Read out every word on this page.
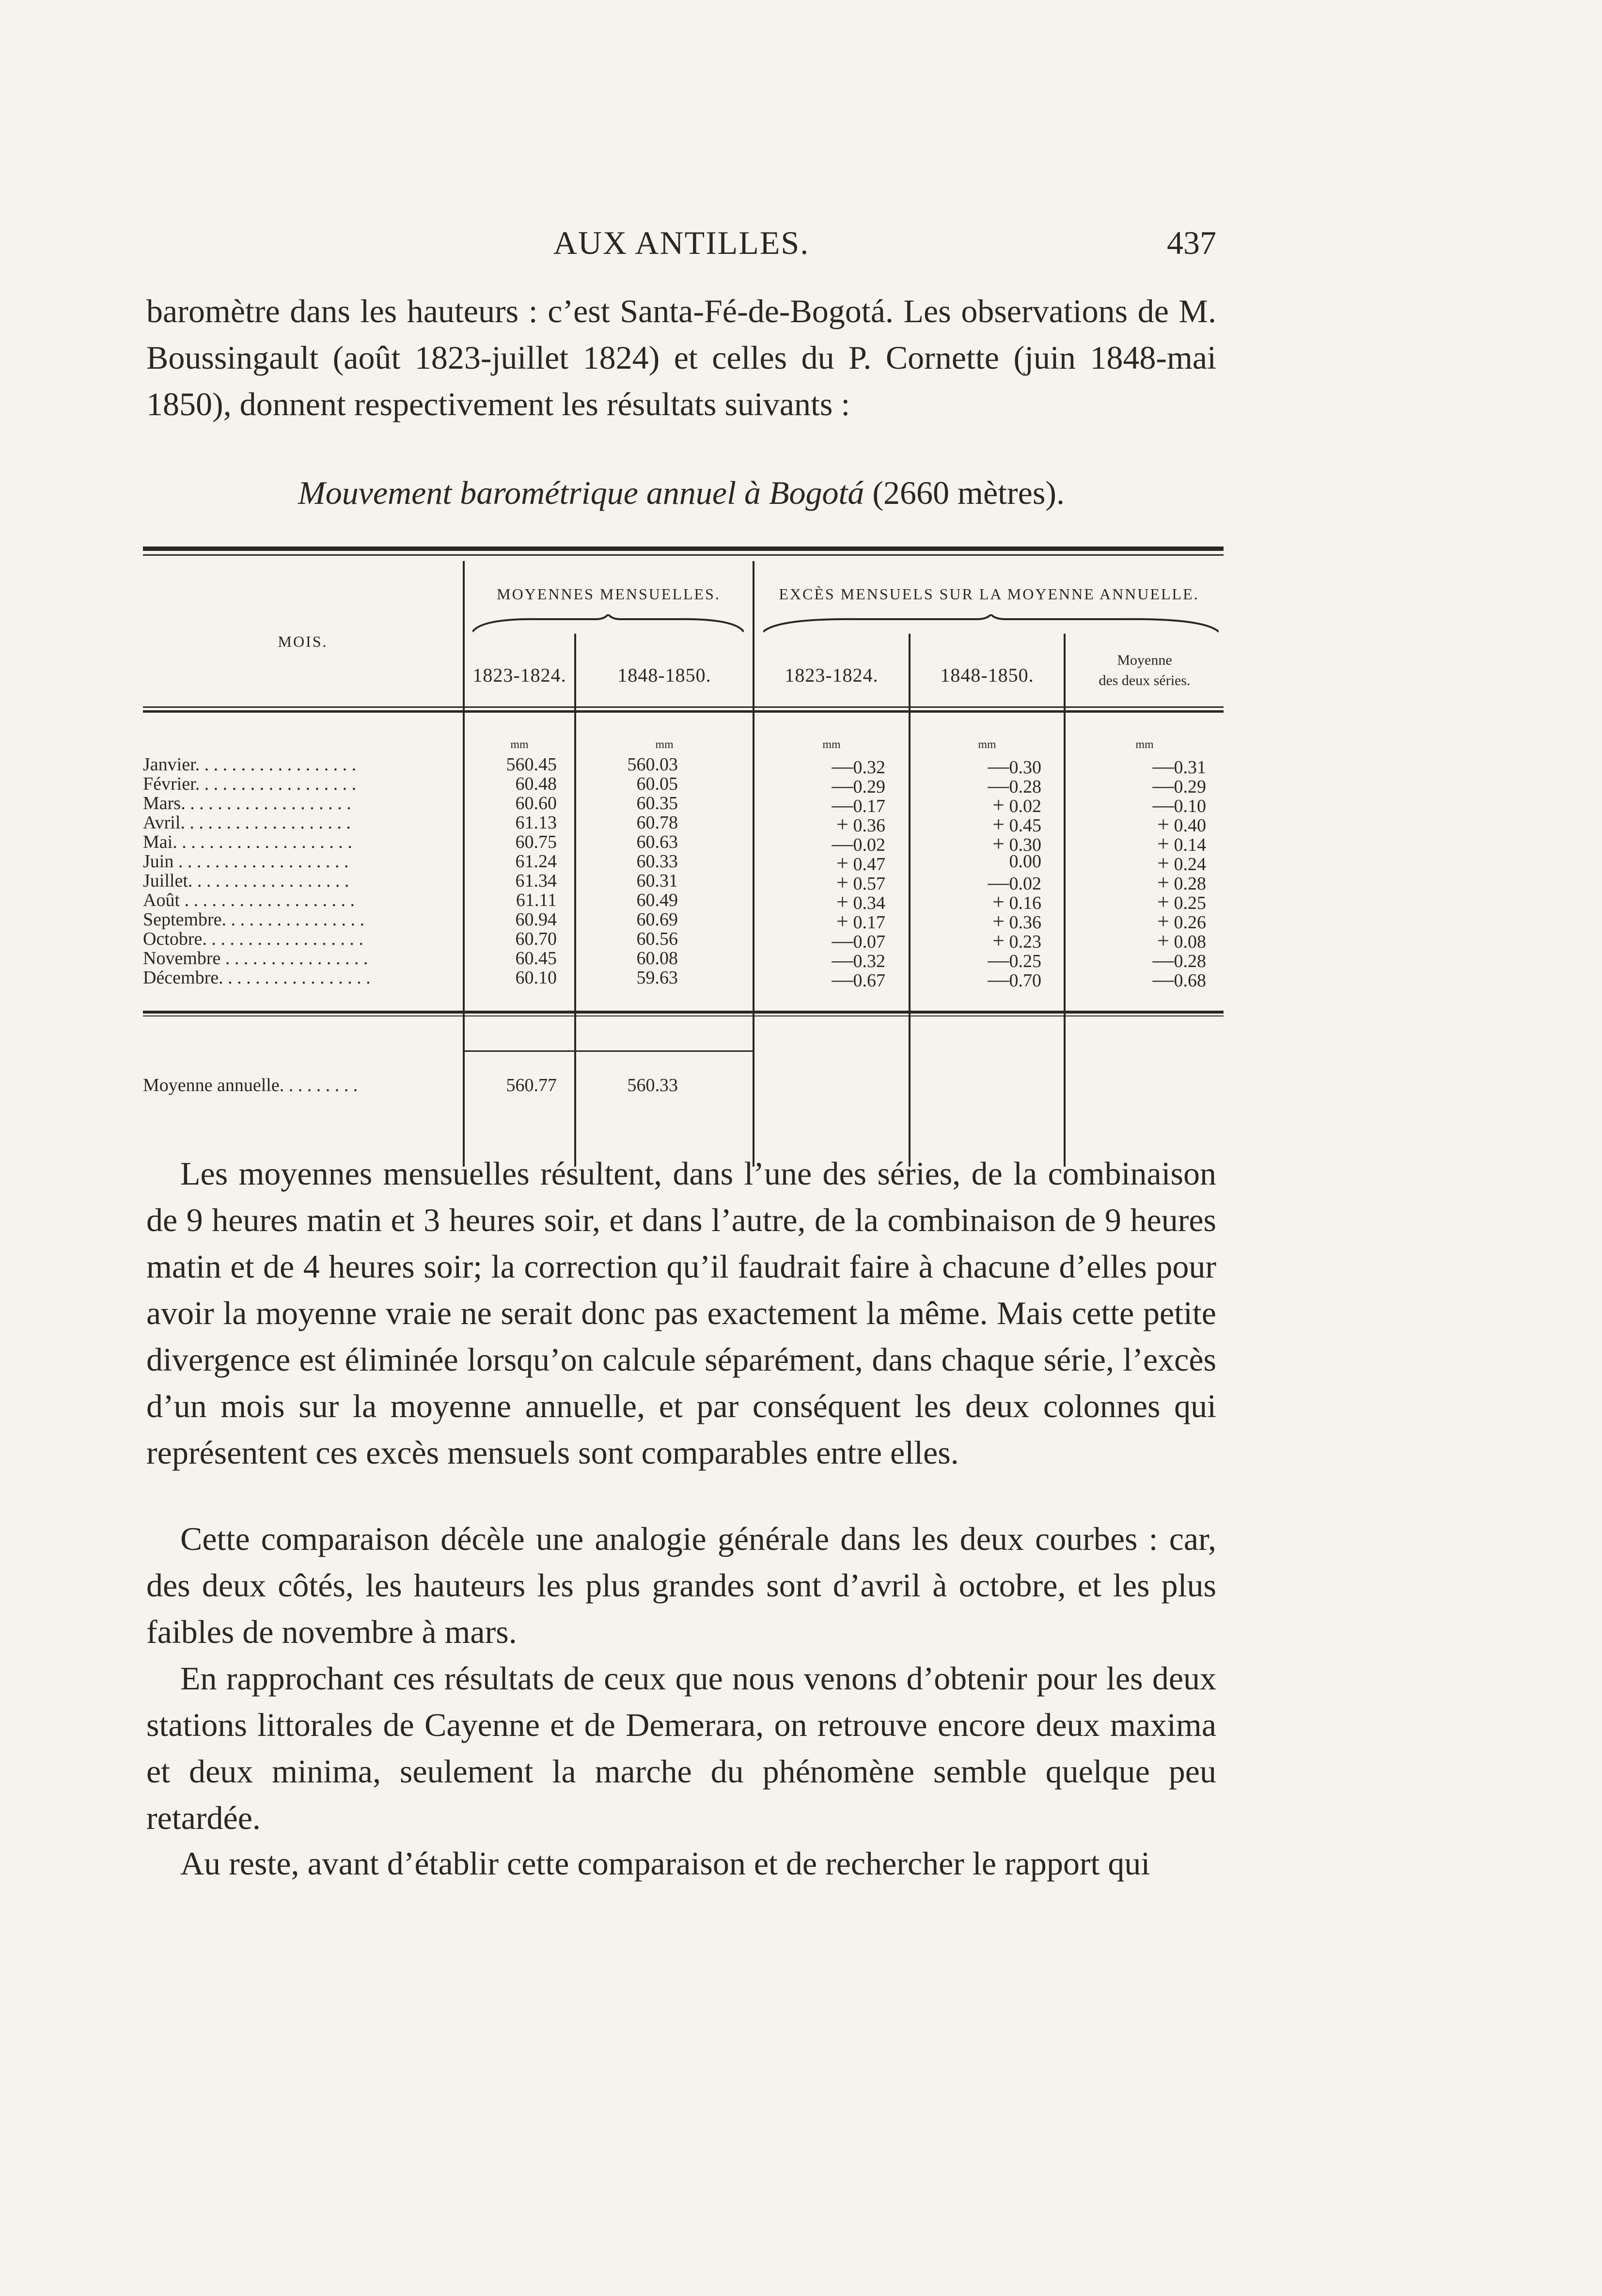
AUX ANTILLES.	437

baromètre dans les hauteurs : c’est Santa-Fé-de-Bogotá. Les observations de M. Boussingault (août 1823-juillet 1824) et celles du P. Cornette (juin 1848-mai 1850), donnent respectivement les résultats suivants :

Mouvement barométrique annuel à Bogotá (2660 mètres).
MOIS.
MOYENNES MENSUELLES.	EXCÈS MENSUELS SUR LA MOYENNE ANNUELLE.
1823-1824.	1848-1850.	1823-1824.	1848-1850.
Moyenne
des deux séries.
mm	mm	mm	mm	mm
Janvier. . . . . . . . . . . . . . . . . .	560.45	560.03	—0.32	—0.30	—0.31
Février. . . . . . . . . . . . . . . . . .	60.48	60.05	—0.29	—0.28	—0.29
Mars. . . . . . . . . . . . . . . . . . .	60.60	60.35	—0.17	+ 0.02	—0.10
Avril. . . . . . . . . . . . . . . . . . .	61.13	60.78	+ 0.36	+ 0.45	+ 0.40
Mai. . . . . . . . . . . . . . . . . . . .	60.75	60.63	—0.02	+ 0.30	+ 0.14
Juin . . . . . . . . . . . . . . . . . . .	61.24	60.33	+ 0.47	0.00	+ 0.24
Juillet. . . . . . . . . . . . . . . . . .	61.34	60.31	+ 0.57	—0.02	+ 0.28
Août . . . . . . . . . . . . . . . . . . .	61.11	60.49	+ 0.34	+ 0.16	+ 0.25
Septembre. . . . . . . . . . . . . . . .	60.94	60.69	+ 0.17	+ 0.36	+ 0.26
Octobre. . . . . . . . . . . . . . . . . .	60.70	60.56	—0.07	+ 0.23	+ 0.08
Novembre . . . . . . . . . . . . . . . .	60.45	60.08	—0.32	—0.25	—0.28
Décembre. . . . . . . . . . . . . . . . .	60.10	59.63	—0.67	—0.70	—0.68
Moyenne annuelle. . . . . . . . .	560.77	560.33

Les moyennes mensuelles résultent, dans l’une des séries, de la combinaison de 9 heures matin et 3 heures soir, et dans l’autre, de la combinaison de 9 heures matin et de 4 heures soir; la correction qu’il faudrait faire à chacune d’elles pour avoir la moyenne vraie ne serait donc pas exactement la même. Mais cette petite divergence est éliminée lorsqu’on calcule séparément, dans chaque série, l’excès d’un mois sur la moyenne annuelle, et par conséquent les deux colonnes qui représentent ces excès mensuels sont comparables entre elles.

Cette comparaison décèle une analogie générale dans les deux courbes : car, des deux côtés, les hauteurs les plus grandes sont d’avril à octobre, et les plus faibles de novembre à mars.

En rapprochant ces résultats de ceux que nous venons d’obtenir pour les deux stations littorales de Cayenne et de Demerara, on retrouve encore deux maxima et deux minima, seulement la marche du phénomène semble quelque peu retardée.

Au reste, avant d’établir cette comparaison et de rechercher le rapport qui
